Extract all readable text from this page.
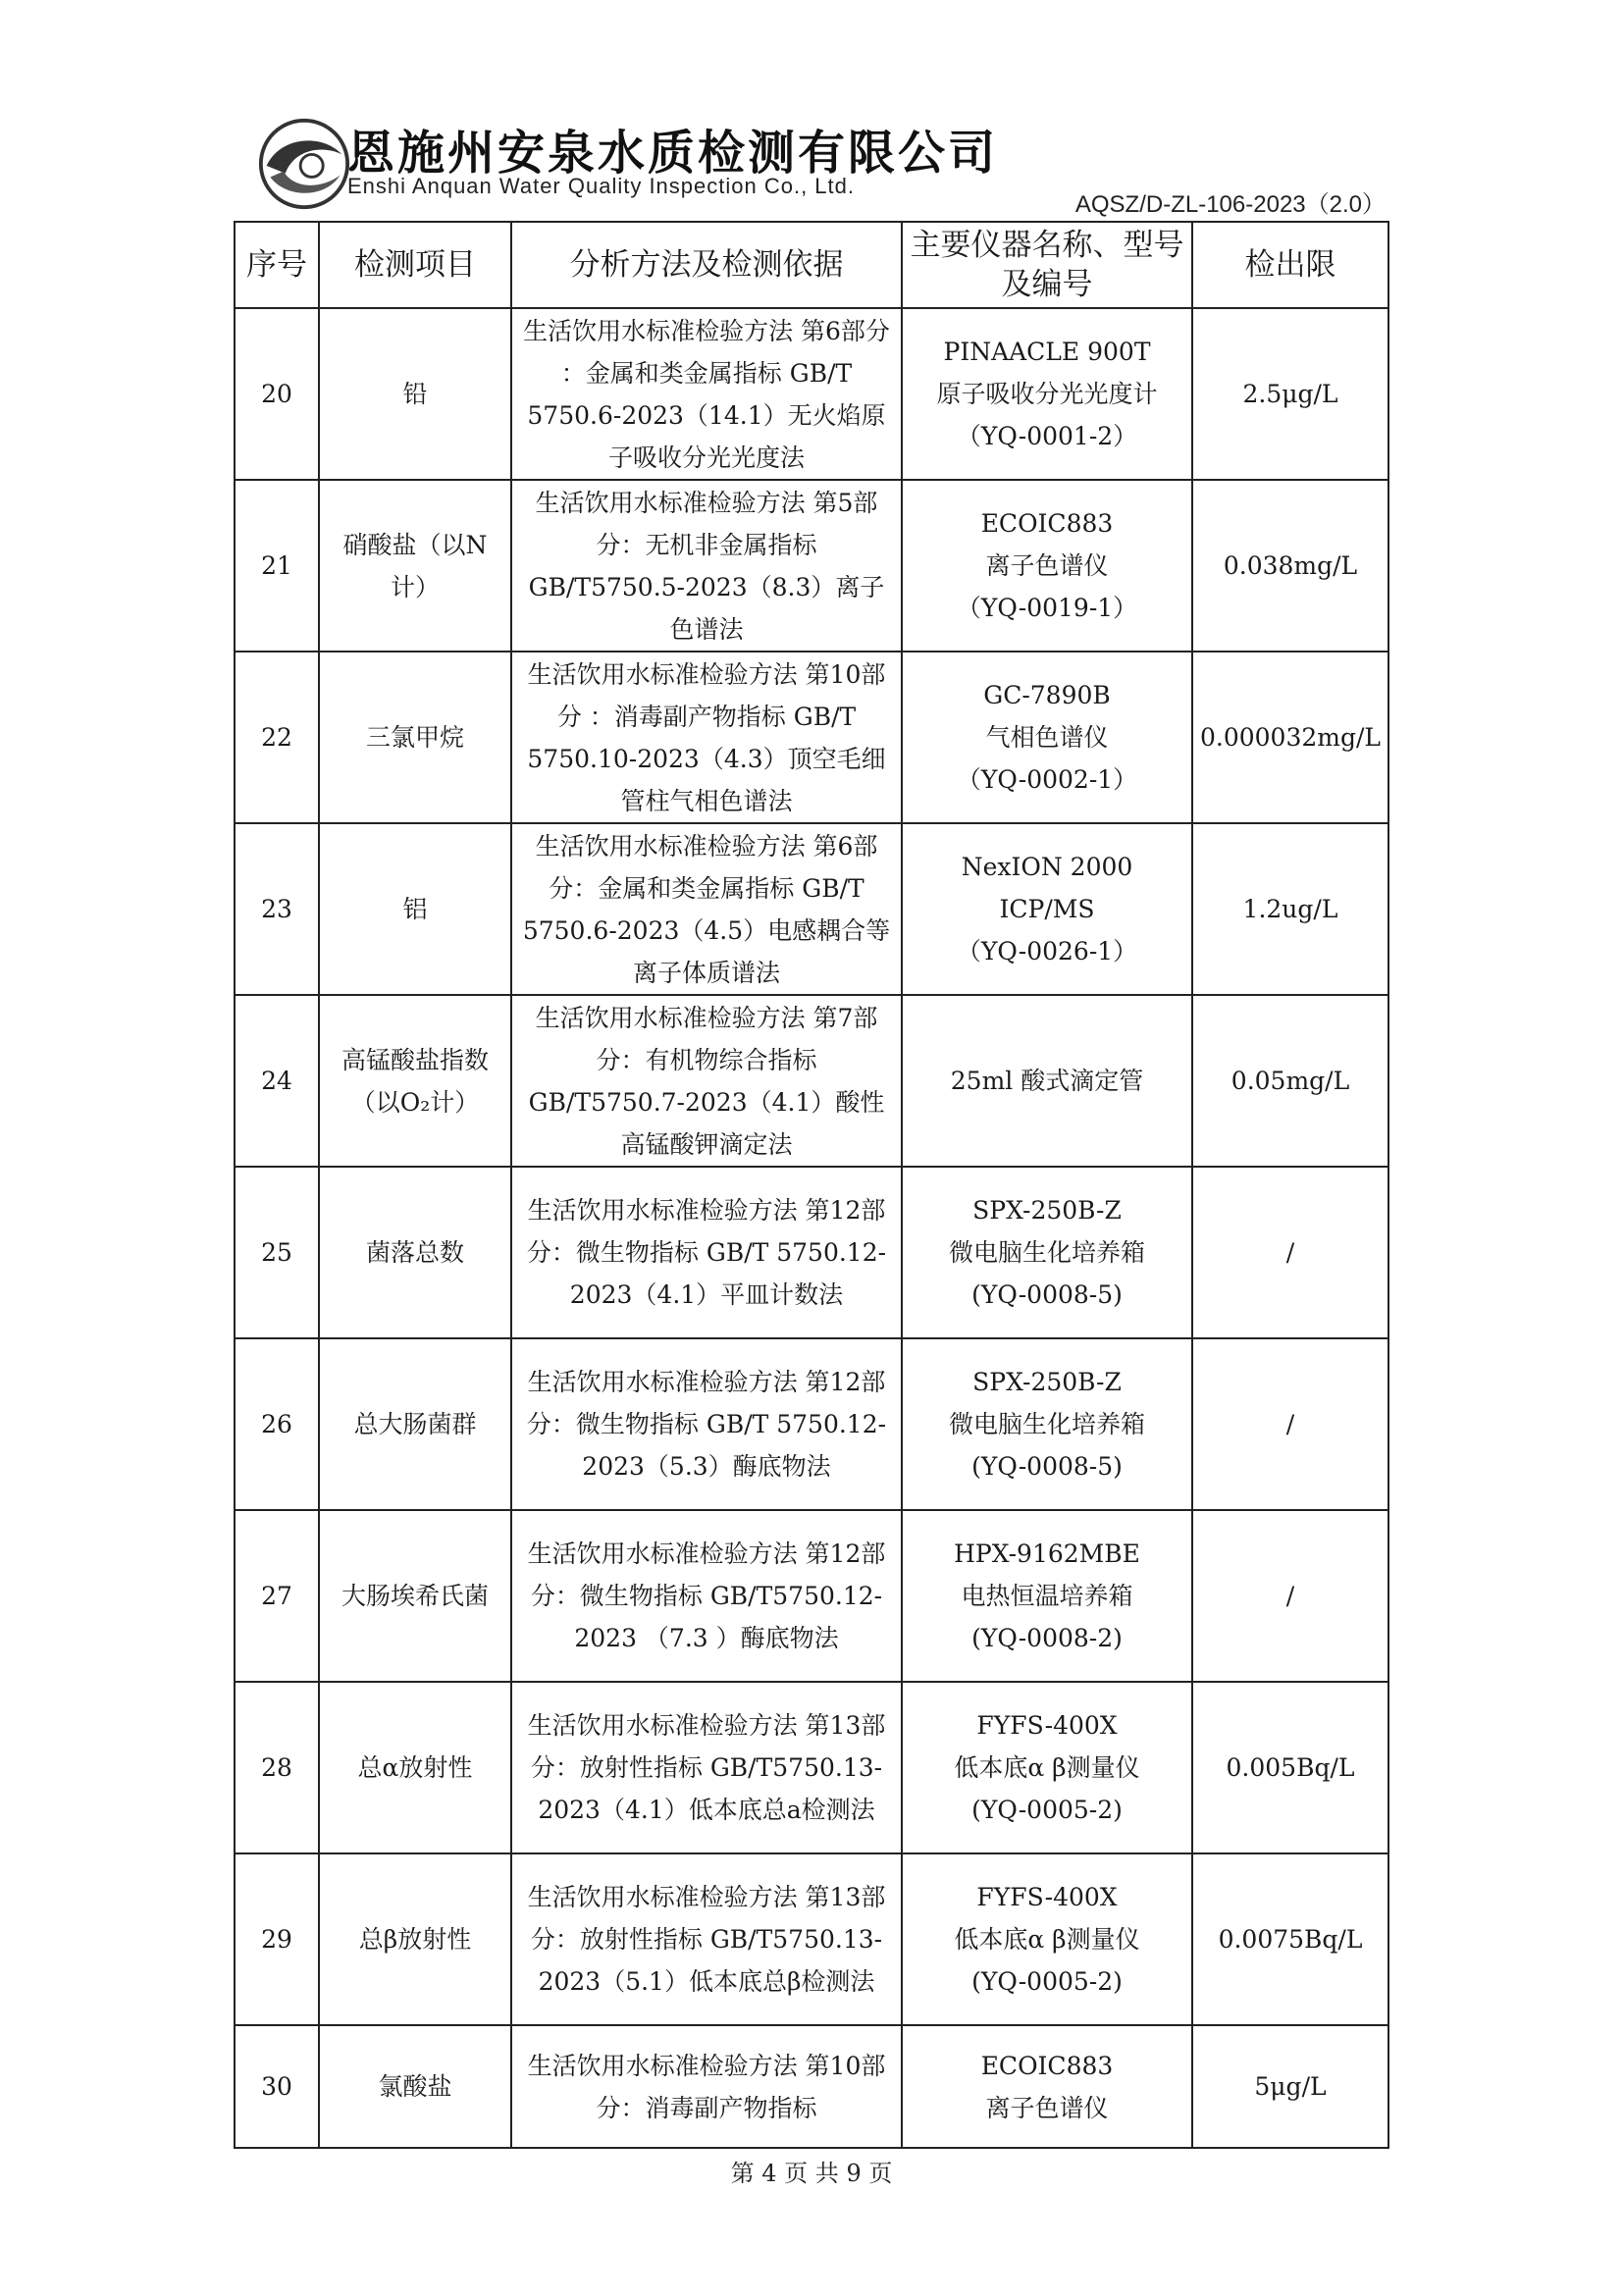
恩施州安泉水质检测有限公司
Enshi Anquan Water Quality Inspection Co., Ltd.
AQSZ/D-ZL-106-2023（2.0）
序号	检测项目	分析方法及检测依据	主要仪器名称、型号及编号	检出限
20	铅	生活饮用水标准检验方法 第6部分 ：金属和类金属指标 GB/T 5750.6-2023（14.1）无火焰原子吸收分光光度法	PINAACLE 900T
原子吸收分光光度计
（YQ-0001-2）	2.5μg/L
21	硝酸盐（以N计）	生活饮用水标准检验方法 第5部分：无机非金属指标 GB/T5750.5-2023（8.3）离子色谱法	ECOIC883
离子色谱仪
（YQ-0019-1）	0.038mg/L
22	三氯甲烷	生活饮用水标准检验方法 第10部分 ：消毒副产物指标 GB/T 5750.10-2023（4.3）顶空毛细管柱气相色谱法	GC-7890B
气相色谱仪
（YQ-0002-1）	0.000032mg/L
23	铝	生活饮用水标准检验方法 第6部分：金属和类金属指标 GB/T 5750.6-2023（4.5）电感耦合等离子体质谱法	NexION 2000
ICP/MS
（YQ-0026-1）	1.2ug/L
24	高锰酸盐指数（以O₂计）	生活饮用水标准检验方法 第7部分：有机物综合指标 GB/T5750.7-2023（4.1）酸性高锰酸钾滴定法	25ml 酸式滴定管	0.05mg/L
25	菌落总数	生活饮用水标准检验方法 第12部分：微生物指标 GB/T 5750.12-2023（4.1）平皿计数法	SPX-250B-Z
微电脑生化培养箱
(YQ-0008-5)	/
26	总大肠菌群	生活饮用水标准检验方法 第12部分：微生物指标 GB/T 5750.12-2023（5.3）酶底物法	SPX-250B-Z
微电脑生化培养箱
(YQ-0008-5)	/
27	大肠埃希氏菌	生活饮用水标准检验方法 第12部分：微生物指标 GB/T5750.12-2023 （7.3 ）酶底物法	HPX-9162MBE
电热恒温培养箱
(YQ-0008-2)	/
28	总α放射性	生活饮用水标准检验方法 第13部分：放射性指标 GB/T5750.13-2023（4.1）低本底总a检测法	FYFS-400X
低本底α β测量仪
(YQ-0005-2)	0.005Bq/L
29	总β放射性	生活饮用水标准检验方法 第13部分：放射性指标 GB/T5750.13-2023（5.1）低本底总β检测法	FYFS-400X
低本底α β测量仪
(YQ-0005-2)	0.0075Bq/L
30	氯酸盐	生活饮用水标准检验方法 第10部分：消毒副产物指标	ECOIC883
离子色谱仪	5μg/L
第 4 页 共 9 页
